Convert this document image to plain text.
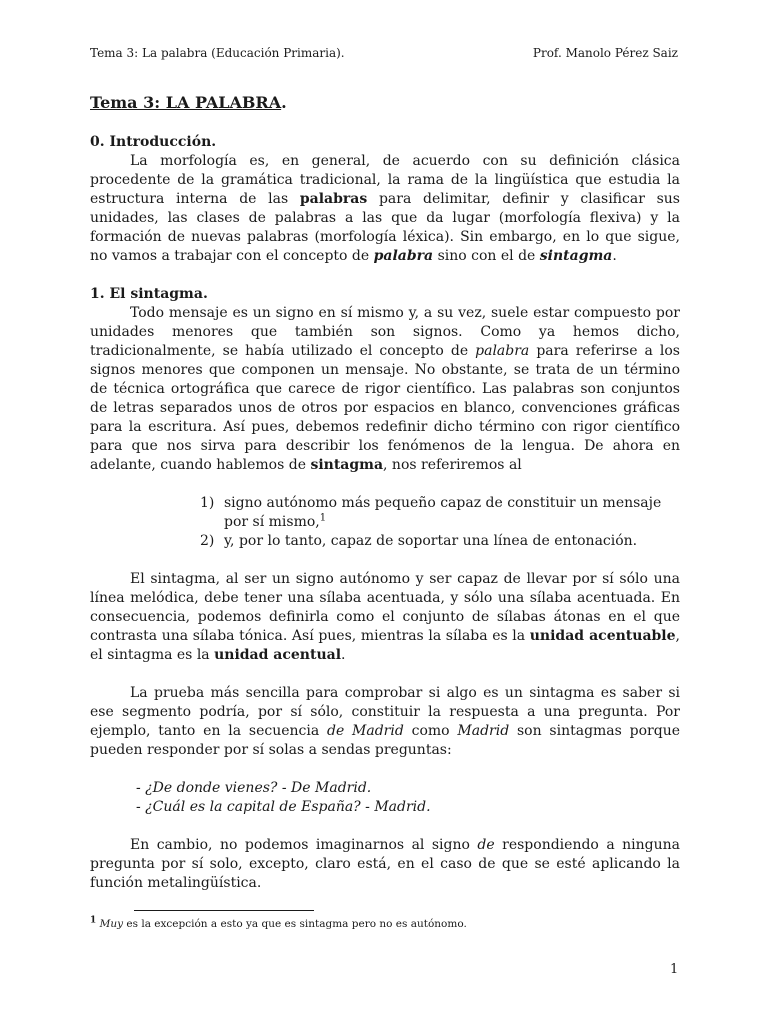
Tema 3: La palabra (Educación Primaria).	Prof. Manolo Pérez Saiz
Tema 3: LA PALABRA.
0. Introducción.

La morfología es, en general, de acuerdo con su definición clásica procedente de la gramática tradicional, la rama de la lingüística que estudia la estructura interna de las palabras para delimitar, definir y clasificar sus unidades, las clases de palabras a las que da lugar (morfología flexiva) y la formación de nuevas palabras (morfología léxica). Sin embargo, en lo que sigue, no vamos a trabajar con el concepto de palabra sino con el de sintagma.

1. El sintagma.

Todo mensaje es un signo en sí mismo y, a su vez, suele estar compuesto por unidades menores que también son signos. Como ya hemos dicho, tradicionalmente, se había utilizado el concepto de palabra para referirse a los signos menores que componen un mensaje. No obstante, se trata de un término de técnica ortográfica que carece de rigor científico. Las palabras son conjuntos de letras separados unos de otros por espacios en blanco, convenciones gráficas para la escritura. Así pues, debemos redefinir dicho término con rigor científico para que nos sirva para describir los fenómenos de la lengua. De ahora en adelante, cuando hablemos de sintagma, nos referiremos al

1) signo autónomo más pequeño capaz de constituir un mensaje por sí mismo,$^1$
2) y, por lo tanto, capaz de soportar una línea de entonación.

El sintagma, al ser un signo autónomo y ser capaz de llevar por sí sólo una línea melódica, debe tener una sílaba acentuada, y sólo una sílaba acentuada. En consecuencia, podemos definirla como el conjunto de sílabas átonas en el que contrasta una sílaba tónica. Así pues, mientras la sílaba es la unidad acentuable, el sintagma es la unidad acentual.

La prueba más sencilla para comprobar si algo es un sintagma es saber si ese segmento podría, por sí sólo, constituir la respuesta a una pregunta. Por ejemplo, tanto en la secuencia de Madrid como Madrid son sintagmas porque pueden responder por sí solas a sendas preguntas:

- ¿De donde vienes? - De Madrid.
- ¿Cuál es la capital de España? - Madrid.

En cambio, no podemos imaginarnos al signo de respondiendo a ninguna pregunta por sí solo, excepto, claro está, en el caso de que se esté aplicando la función metalingüística.

$^1$ Muy es la excepción a esto ya que es sintagma pero no es autónomo.
1
